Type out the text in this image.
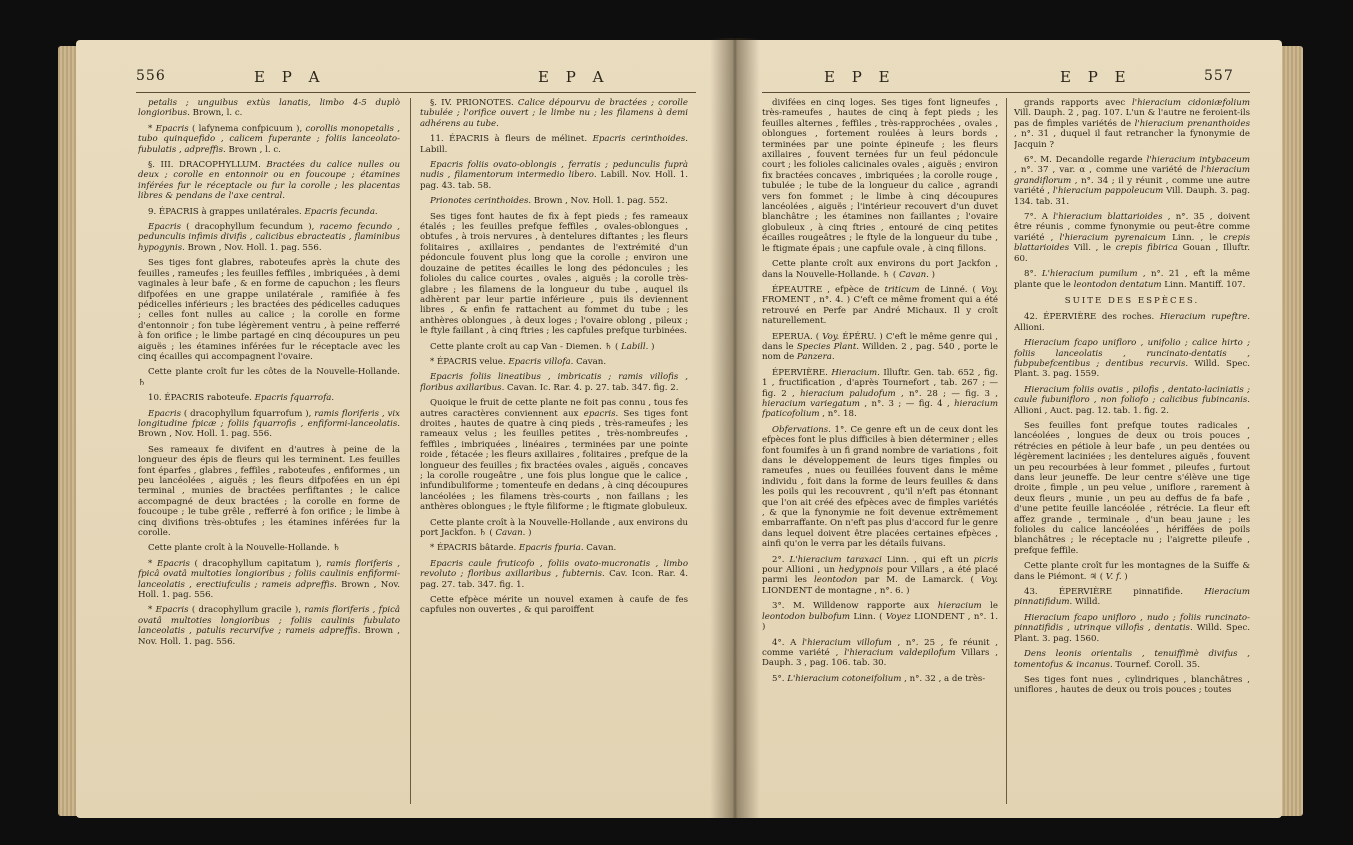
556	E P A	E P A

petalis ; unguibus extùs lanatis, limbo 4-5 duplò longioribus. Brown, l. c.

* Epacris ( lafynema confpicuum ), corollis monopetalis , tubo quinquefido , calicem fuperante ; foliis lanceolato-fubulatis , adpreffis. Brown , l. c.

§. III. DRACOPHYLLUM. Bractées du calice nulles ou deux ; corolle en entonnoir ou en foucoupe ; étamines inférées fur le réceptacle ou fur la corolle ; les placentas libres & pendans de l'axe central.

9. ÉPACRIS à grappes unilatérales. Epacris fecunda.

Epacris ( dracophyllum fecundum ), racemo fecundo , pedunculis infimis divifis , calicibus ebracteatis , flaminibus hypogynis. Brown , Nov. Holl. 1. pag. 556.

Ses tiges font glabres, raboteufes après la chute des feuilles , rameufes ; les feuilles feffiles , imbriquées , à demi vaginales à leur bafe , & en forme de capuchon ; les fleurs difpofées en une grappe unilatérale , ramifiée à fes pédicelles inférieurs ; les bractées des pédicelles caduques ; celles font nulles au calice ; la corolle en forme d'entonnoir ; fon tube légèrement ventru , à peine refferré à fon orifice ; le limbe partagé en cinq découpures un peu aiguës ; les étamines inférées fur le réceptacle avec les cinq écailles qui accompagnent l'ovaire.

Cette plante croît fur les côtes de la Nouvelle-Hollande. ♄

10. ÉPACRIS raboteufe. Epacris fquarrofa.

Epacris ( dracophyllum fquarrofum ), ramis floriferis , vix longitudine fpicæ ; foliis fquarrofis , enfiformi-lanceolatis. Brown , Nov. Holl. 1. pag. 556.

Ses rameaux fe divifent en d'autres à peine de la longueur des épis de fleurs qui les terminent. Les feuilles font éparfes , glabres , feffiles , raboteufes , enfiformes , un peu lancéolées , aiguës ; les fleurs difpofées en un épi terminal , munies de bractées perfiftantes ; le calice accompagné de deux bractées ; la corolle en forme de foucoupe ; le tube grêle , refferré à fon orifice ; le limbe à cinq divifions très-obtufes ; les étamines inférées fur la corolle.

Cette plante croît à la Nouvelle-Hollande. ♄

* Epacris ( dracophyllum capitatum ), ramis floriferis , fpicâ ovatâ multoties longioribus ; foliis caulinis enfiformi-lanceolatis , erectiufculis ; rameis adpreffis. Brown , Nov. Holl. 1. pag. 556.

* Epacris ( dracophyllum gracile ), ramis floriferis , fpicâ ovatâ multoties longioribus ; foliis caulinis fubulato lanceolatis , patulis recurvifve ; rameis adpreffis. Brown , Nov. Holl. 1. pag. 556.

§. IV. PRIONOTES. Calice dépourvu de bractées ; corolle tubulée ; l'orifice ouvert ; le limbe nu ; les filamens à demi adhérens au tube.

11. ÉPACRIS à fleurs de mélinet. Epacris cerinthoides. Labill.

Epacris foliis ovato-oblongis , ferratis ; pedunculis fuprà nudis , filamentorum intermedio libero. Labill. Nov. Holl. 1. pag. 43. tab. 58.

Prionotes cerinthoides. Brown , Nov. Holl. 1. pag. 552.

Ses tiges font hautes de fix à fept pieds ; fes rameaux étalés ; les feuilles prefque feffiles , ovales-oblongues , obtufes , à trois nervures , à dentelures diftantes ; les fleurs folitaires , axillaires , pendantes de l'extrémité d'un pédoncule fouvent plus long que la corolle ; environ une douzaine de petites écailles le long des pédoncules ; les folioles du calice courtes , ovales , aiguës ; la corolle très-glabre ; les filamens de la longueur du tube , auquel ils adhèrent par leur partie inférieure , puis ils deviennent libres , & enfin fe rattachent au fommet du tube ; les anthères oblongues , à deux loges ; l'ovaire oblong , pileux ; le ftyle faillant , à cinq ftries ; les capfules prefque turbinées.

Cette plante croît au cap Van - Diemen. ♄ ( Labill. )

* ÉPACRIS velue. Epacris villofa. Cavan.

Epacris foliis lineatibus , imbricatis ; ramis villofis , floribus axillaribus. Cavan. Ic. Rar. 4. p. 27. tab. 347. fig. 2.

Quoique le fruit de cette plante ne foit pas connu , tous fes autres caractères conviennent aux epacris. Ses tiges font droites , hautes de quatre à cinq pieds , très-rameufes ; les rameaux velus ; les feuilles petites , très-nombreufes , feffiles , imbriquées , linéaires , terminées par une pointe roide , fétacée ; les fleurs axillaires , folitaires , prefque de la longueur des feuilles ; fix bractées ovales , aiguës , concaves ; la corolle rougeâtre , une fois plus longue que le calice , infundibuliforme ; tomenteufe en dedans , à cinq découpures lancéolées ; les filamens très-courts , non faillans ; les anthères oblongues ; le ftyle filiforme ; le ftigmate globuleux.

Cette plante croît à la Nouvelle-Hollande , aux environs du port Jackfon. ♄ ( Cavan. )

* ÉPACRIS bâtarde. Epacris fpuria. Cavan.

Epacris caule fruticofo , foliis ovato-mucronatis , limbo revoluto ; floribus axillaribus , fubternis. Cav. Icon. Rar. 4. pag. 27. tab. 347. fig. 1.

Cette efpèce mérite un nouvel examen à caufe de fes capfules non ouvertes , & qui paroiffent

E P E	E P E	557

divifées en cinq loges. Ses tiges font ligneufes , très-rameufes , hautes de cinq à fept pieds ; les feuilles alternes , feffiles , très-rapprochées , ovales , oblongues , fortement roulées à leurs bords , terminées par une pointe épineufe ; les fleurs axillaires , fouvent ternées fur un feul pédoncule court ; les folioles calicinales ovales , aiguës ; environ fix bractées concaves , imbriquées ; la corolle rouge , tubulée ; le tube de la longueur du calice , agrandi vers fon fommet ; le limbe à cinq découpures lancéolées , aiguës ; l'intérieur recouvert d'un duvet blanchâtre ; les étamines non faillantes ; l'ovaire globuleux , à cinq ftries , entouré de cinq petites écailles rougeâtres ; le ftyle de la longueur du tube , le ftigmate épais ; une capfule ovale , à cinq fillons.

Cette plante croît aux environs du port Jackfon , dans la Nouvelle-Hollande. ♄ ( Cavan. )

ÉPEAUTRE , efpèce de triticum de Linné. ( Voy. FROMENT , n°. 4. ) C'eft ce même froment qui a été retrouvé en Perfe par André Michaux. Il y croît naturellement.

EPERUA. ( Voy. ÉPÉRU. ) C'eft le même genre qui , dans le Species Plant. Willden. 2 , pag. 540 , porte le nom de Panzera.

ÉPERVIÈRE. Hieracium. Illuftr. Gen. tab. 652 , fig. 1 , fructification , d'après Tournefort , tab. 267 ; — fig. 2 , hieracium paludofum , n°. 28 ; — fig. 3 , hieracium variegatum , n°. 3 ; — fig. 4 , hieracium fpaticofolium , n°. 18.

Obfervations. 1°. Ce genre eft un de ceux dont les efpèces font le plus difficiles à bien déterminer ; elles font foumifes à un fi grand nombre de variations , foit dans le développement de leurs tiges fimples ou rameufes , nues ou feuillées fouvent dans le même individu , foit dans la forme de leurs feuilles & dans les poils qui les recouvrent , qu'il n'eft pas étonnant que l'on ait créé des efpèces avec de fimples variétés , & que la fynonymie ne foit devenue extrêmement embarraffante. On n'eft pas plus d'accord fur le genre dans lequel doivent être placées certaines efpèces , ainfi qu'on le verra par les détails fuivans.

2°. L'hieracium taraxaci Linn. , qui eft un picris pour Allioni , un hedypnois pour Villars , a été placé parmi les leontodon par M. de Lamarck. ( Voy. LIONDENT de montagne , n°. 6. )

3°. M. Willdenow rapporte aux hieracium le leontodon bulbofum Linn. ( Voyez LIONDENT , n°. 1. )

4°. A l'hieracium villofum , n°. 25 , fe réunit , comme variété , l'hieracium valdepilofum Villars , Dauph. 3 , pag. 106. tab. 30.

5°. L'hieracium cotoneifolium , n°. 32 , a de très-

grands rapports avec l'hieracium cidoniæfolium Vill. Dauph. 2 , pag. 107. L'un & l'autre ne feroient-ils pas de fimples variétés de l'hieracium prenanthoides , n°. 31 , duquel il faut retrancher la fynonymie de Jacquin ?

6°. M. Decandolle regarde l'hieracium intybaceum , n°. 37 , var. α , comme une variété de l'hieracium grandiflorum , n°. 34 ; il y réunit , comme une autre variété , l'hieracium pappoleucum Vill. Dauph. 3. pag. 134. tab. 31.

7°. A l'hieracium blattarioides , n°. 35 , doivent être réunis , comme fynonymie ou peut-être comme variété , l'hieracium pyrenaicum Linn. , le crepis blattarioides Vill. , le crepis fibirica Gouan , Illuftr. 60.

8°. L'hieracium pumilum , n°. 21 , eft la même plante que le leontodon dentatum Linn. Mantiff. 107.

SUITE DES ESPÈCES.

42. ÉPERVIÈRE des roches. Hieracium rupeftre. Allioni.

Hieracium fcapo unifloro , unifolio ; calice hirto ; foliis lanceolatis , runcinato-dentatis , fubpubefcentibus ; dentibus recurvis. Willd. Spec. Plant. 3. pag. 1559.

Hieracium foliis ovatis , pilofis , dentato-laciniatis ; caule fubunifloro , non foliofo ; calicibus fubincanis. Allioni , Auct. pag. 12. tab. 1. fig. 2.

Ses feuilles font prefque toutes radicales , lancéolées , longues de deux ou trois pouces , rétrécies en pétiole à leur bafe , un peu dentées ou légèrement laciniées ; les dentelures aiguës , fouvent un peu recourbées à leur fommet , pileufes , furtout dans leur jeuneffe. De leur centre s'élève une tige droite , fimple , un peu velue , uniflore , rarement à deux fleurs , munie , un peu au deffus de fa bafe , d'une petite feuille lancéolée , rétrécie. La fleur eft affez grande , terminale , d'un beau jaune ; les folioles du calice lancéolées , hériffées de poils blanchâtres ; le réceptacle nu ; l'aigrette pileufe , prefque feffile.

Cette plante croît fur les montagnes de la Suiffe & dans le Piémont. ♃ ( V. f. )

43. ÉPERVIÈRE pinnatifide. Hieracium pinnatifidum. Willd.

Hieracium fcapo unifloro , nudo ; foliis runcinato-pinnatifidis , utrinque villofis , dentatis. Willd. Spec. Plant. 3. pag. 1560.

Dens leonis orientalis , tenuiffimè divifus , tomentofus & incanus. Tournef. Coroll. 35.

Ses tiges font nues , cylindriques , blanchâtres , uniflores , hautes de deux ou trois pouces ; toutes
